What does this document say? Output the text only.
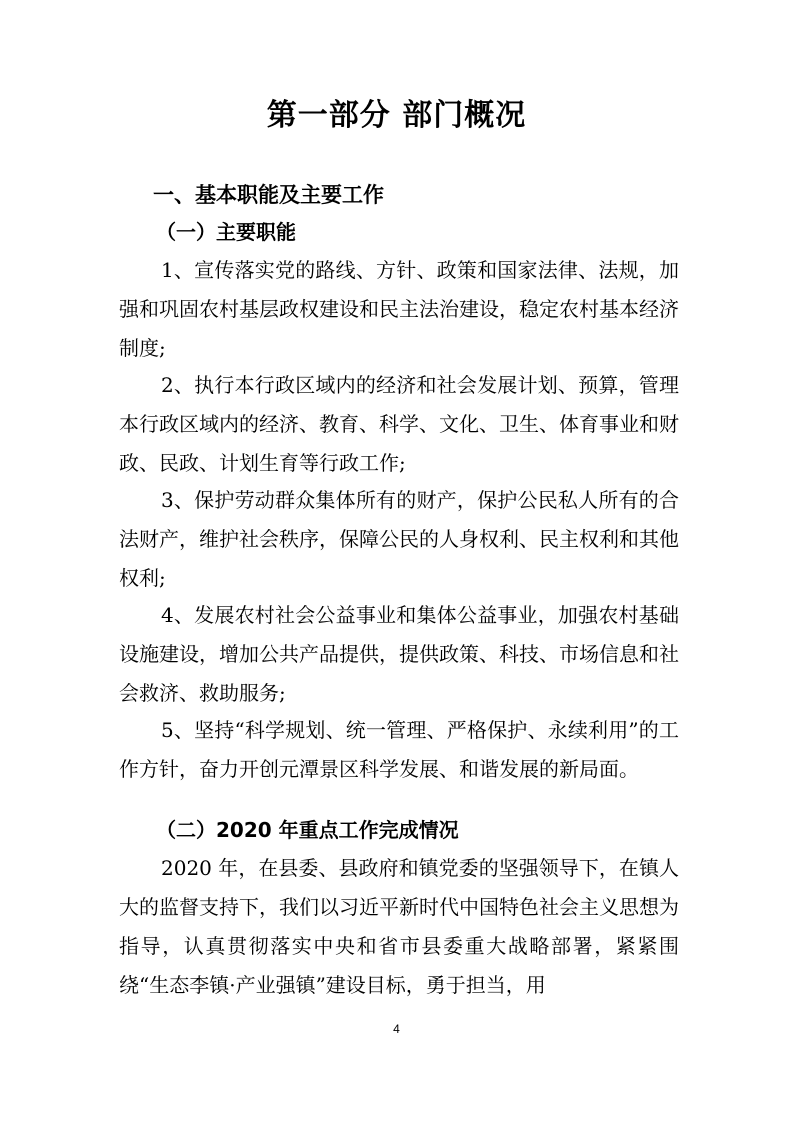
第一部分 部门概况
一、基本职能及主要工作
（一）主要职能
1、宣传落实党的路线、方针、政策和国家法律、法规，加强和巩固农村基层政权建设和民主法治建设，稳定农村基本经济制度;
2、执行本行政区域内的经济和社会发展计划、预算，管理本行政区域内的经济、教育、科学、文化、卫生、体育事业和财政、民政、计划生育等行政工作;
3、保护劳动群众集体所有的财产，保护公民私人所有的合法财产，维护社会秩序，保障公民的人身权利、民主权利和其他权利;
4、发展农村社会公益事业和集体公益事业，加强农村基础设施建设，增加公共产品提供，提供政策、科技、市场信息和社会救济、救助服务;
5、坚持“科学规划、统一管理、严格保护、永续利用”的工作方针，奋力开创元潭景区科学发展、和谐发展的新局面。
（二）2020 年重点工作完成情况
2020 年，在县委、县政府和镇党委的坚强领导下，在镇人大的监督支持下，我们以习近平新时代中国特色社会主义思想为指导，认真贯彻落实中央和省市县委重大战略部署，紧紧围绕“生态李镇·产业强镇”建设目标，勇于担当，用
4
